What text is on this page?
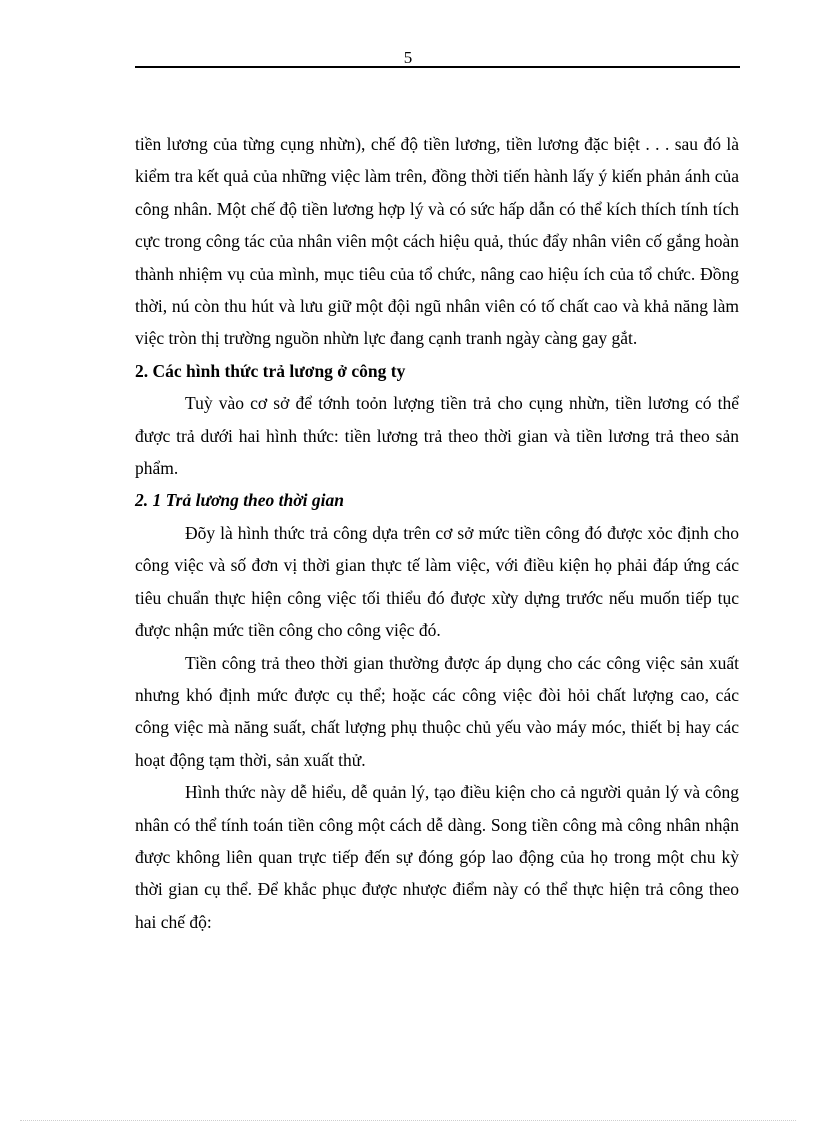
5

tiền lương của từng cụng nhừn), chế độ tiền lương, tiền lương đặc biệt . . . sau đó là kiểm tra kết quả của những việc làm trên, đồng thời tiến hành lấy ý kiến phản ánh của công nhân. Một chế độ tiền lương hợp lý và có sức hấp dẫn có thể kích thích tính tích cực trong công tác của nhân viên một cách hiệu quả, thúc đẩy nhân viên cố gắng hoàn thành nhiệm vụ của mình, mục tiêu của tổ chức, nâng cao hiệu ích của tổ chức. Đồng thời, nú còn thu hút và lưu giữ một đội ngũ nhân viên có tố chất cao và khả năng làm việc tròn thị trường nguồn nhừn lực đang cạnh tranh ngày càng gay gắt.

2. Các hình thức trả lương ở công ty

Tuỳ vào cơ sở để tớnh toỏn lượng tiền trả cho cụng nhừn, tiền lương có thể được trả dưới hai hình thức: tiền lương trả theo thời gian và tiền lương trả theo sản phẩm.

2. 1 Trả lương theo thời gian

Đõy là hình thức trả công dựa trên cơ sở mức tiền công đó được xỏc định cho công việc và số đơn vị thời gian thực tế làm việc, với điều kiện họ phải đáp ứng các tiêu chuẩn thực hiện công việc tối thiểu đó được xừy dựng trước nếu muốn tiếp tục được nhận mức tiền công cho công việc đó.

Tiền công trả theo thời gian thường được áp dụng cho các công việc sản xuất nhưng khó định mức được cụ thể; hoặc các công việc đòi hỏi chất lượng cao, các công việc mà năng suất, chất lượng phụ thuộc chủ yếu vào máy móc, thiết bị hay các hoạt động tạm thời, sản xuất thử.

Hình thức này dễ hiểu, dễ quản lý, tạo điều kiện cho cả người quản lý và công nhân có thể tính toán tiền công một cách dễ dàng. Song tiền công mà công nhân nhận được không liên quan trực tiếp đến sự đóng góp lao động của họ trong một chu kỳ thời gian cụ thể. Để khắc phục được nhược điểm này có thể thực hiện trả công theo hai chế độ:
